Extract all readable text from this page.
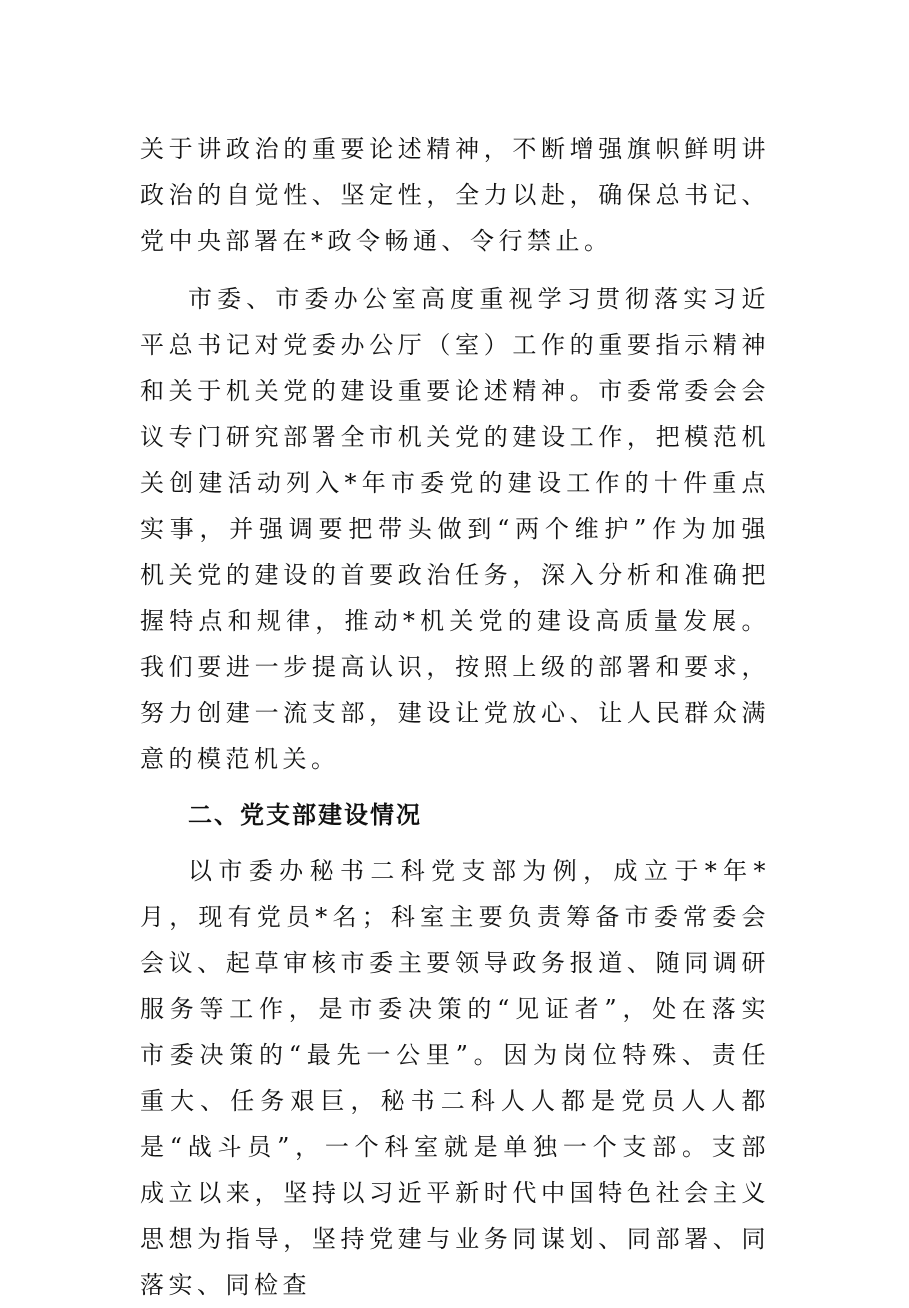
关于讲政治的重要论述精神，不断增强旗帜鲜明讲政治的自觉性、坚定性，全力以赴，确保总书记、党中央部署在*政令畅通、令行禁止。

市委、市委办公室高度重视学习贯彻落实习近平总书记对党委办公厅（室）工作的重要指示精神和关于机关党的建设重要论述精神。市委常委会会议专门研究部署全市机关党的建设工作，把模范机关创建活动列入*年市委党的建设工作的十件重点实事，并强调要把带头做到“两个维护”作为加强机关党的建设的首要政治任务，深入分析和准确把握特点和规律，推动*机关党的建设高质量发展。我们要进一步提高认识，按照上级的部署和要求，努力创建一流支部，建设让党放心、让人民群众满意的模范机关。

二、党支部建设情况

以市委办秘书二科党支部为例，成立于*年*月，现有党员*名；科室主要负责筹备市委常委会会议、起草审核市委主要领导政务报道、随同调研服务等工作，是市委决策的“见证者”，处在落实市委决策的“最先一公里”。因为岗位特殊、责任重大、任务艰巨，秘书二科人人都是党员人人都是“战斗员”，一个科室就是单独一个支部。支部成立以来，坚持以习近平新时代中国特色社会主义思想为指导，坚持党建与业务同谋划、同部署、同落实、同检查
